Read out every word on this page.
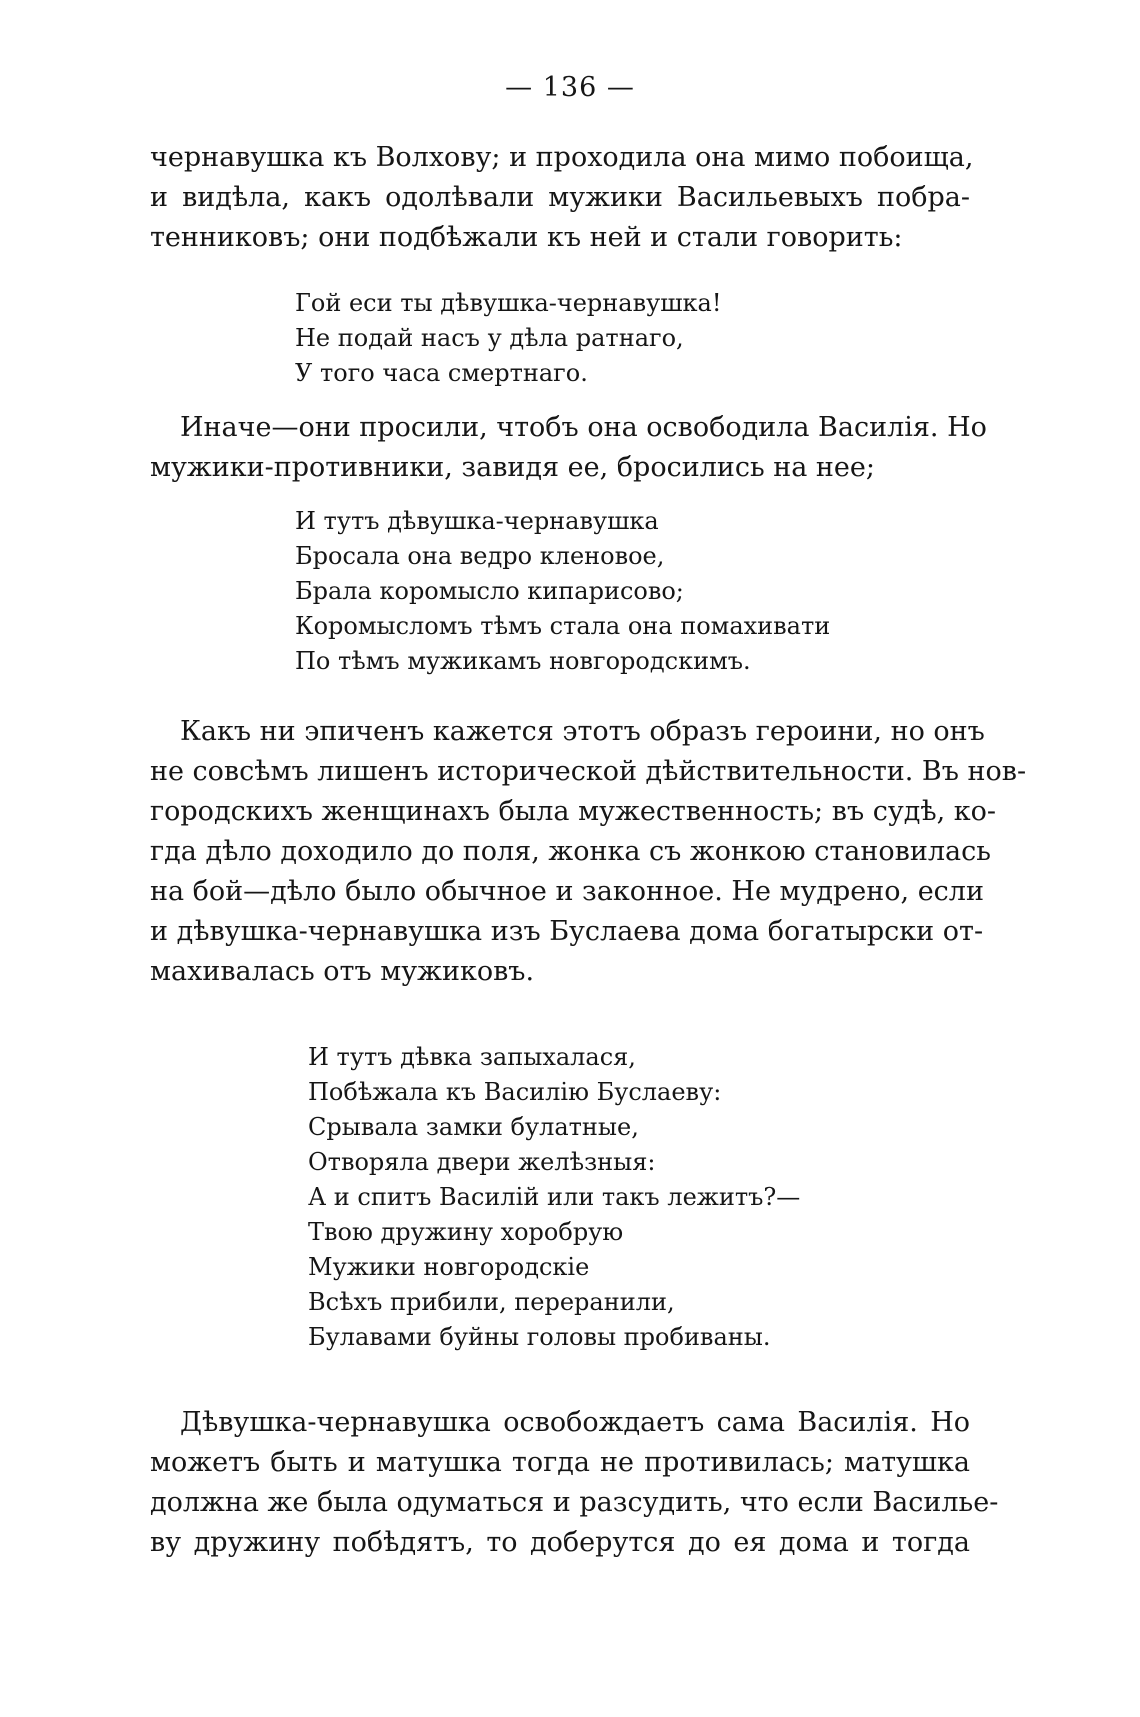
— 136 —

чернавушка къ Волхову; и проходила она мимо побоища,
и видѣла, какъ одолѣвали мужики Васильевыхъ побра-
тенниковъ; они подбѣжали къ ней и стали говорить:

Гой еси ты дѣвушка-чернавушка!
Не подай насъ у дѣла ратнаго,
У того часа смертнаго.

Иначе—они просили, чтобъ она освободила Василія. Но
мужики-противники, завидя ее, бросились на нее;

И тутъ дѣвушка-чернавушка
Бросала она ведро кленовое,
Брала коромысло кипарисово;
Коромысломъ тѣмъ стала она помахивати
По тѣмъ мужикамъ новгородскимъ.

Какъ ни эпиченъ кажется этотъ образъ героини, но онъ
не совсѣмъ лишенъ исторической дѣйствительности. Въ нов-
городскихъ женщинахъ была мужественность; въ судѣ, ко-
гда дѣло доходило до поля, жонка съ жонкою становилась
на бой—дѣло было обычное и законное. Не мудрено, если
и дѣвушка-чернавушка изъ Буслаева дома богатырски от-
махивалась отъ мужиковъ.

И тутъ дѣвка запыхалася,
Побѣжала къ Василію Буслаеву:
Срывала замки булатные,
Отворяла двери желѣзныя:
А и спитъ Василій или такъ лежитъ?—
Твою дружину хоробрую
Мужики новгородскіе
Всѣхъ прибили, переранили,
Булавами буйны головы пробиваны.

Дѣвушка-чернавушка освобождаетъ сама Василія. Но
можетъ быть и матушка тогда не противилась; матушка
должна же была одуматься и разсудить, что если Василье-
ву дружину побѣдятъ, то доберутся до ея дома и тогда
